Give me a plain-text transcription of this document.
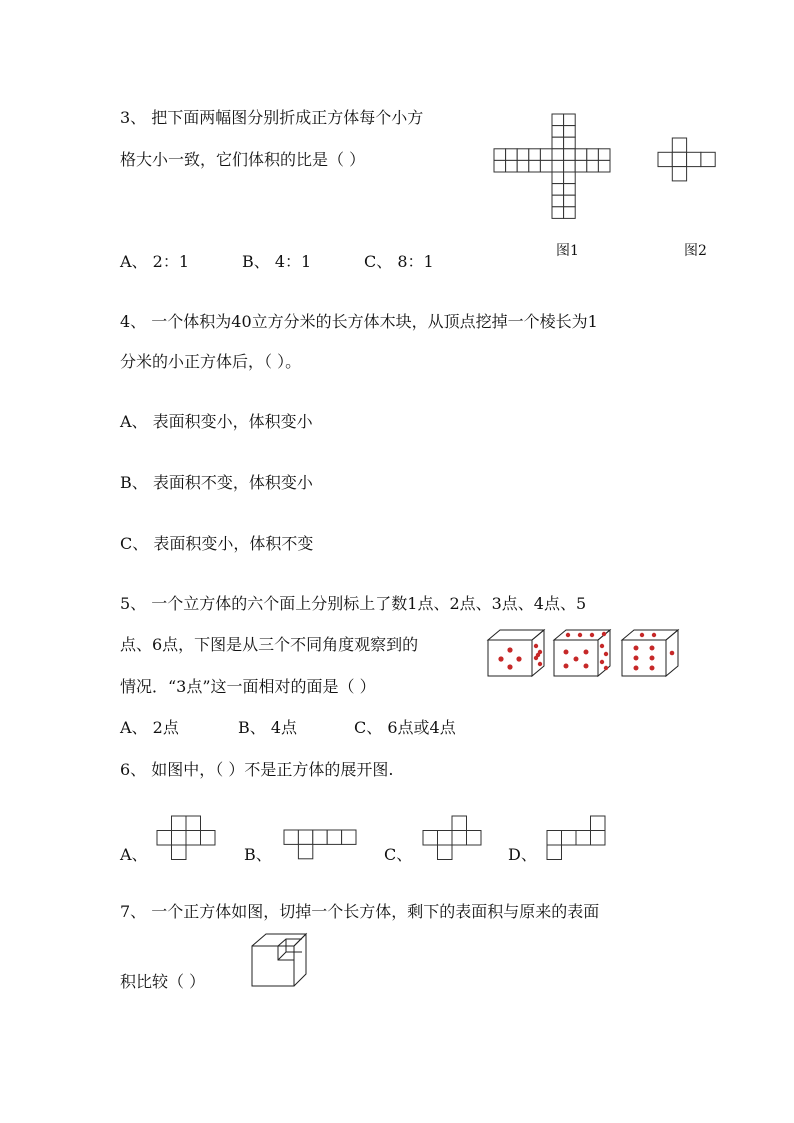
3、 把下面两幅图分别折成正方体每个小方
格大小一致，它们体积的比是（ ）
图1	图2
A、 2：1	B、 4：1	C、 8：1
4、 一个体积为40立方分米的长方体木块，从顶点挖掉一个棱长为1
分米的小正方体后，（ ）。
A、 表面积变小，体积变小
B、 表面积不变，体积变小
C、 表面积变小，体积不变
5、 一个立方体的六个面上分别标上了数1点、2点、3点、4点、5
点、6点，下图是从三个不同角度观察到的
情况．“3点”这一面相对的面是（ ）
A、 2点	B、 4点	C、 6点或4点
6、 如图中，（ ）不是正方体的展开图.
A、	B、	C、	D、
7、 一个正方体如图，切掉一个长方体，剩下的表面积与原来的表面
积比较（ ）
